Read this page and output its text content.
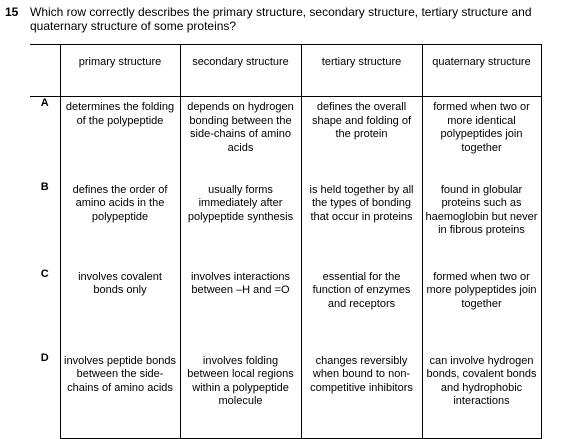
15 Which row correctly describes the primary structure, secondary structure, tertiary structure and quaternary structure of some proteins?
	primary structure	secondary structure	tertiary structure	quaternary structure
A	determines the folding of the polypeptide	depends on hydrogen bonding between the side-chains of amino acids	defines the overall shape and folding of the protein	formed when two or more identical polypeptides join together
B	defines the order of amino acids in the polypeptide	usually forms immediately after polypeptide synthesis	is held together by all the types of bonding that occur in proteins	found in globular proteins such as haemoglobin but never in fibrous proteins
C	involves covalent bonds only	involves interactions between –H and =O	essential for the function of enzymes and receptors	formed when two or more polypeptides join together
D	involves peptide bonds between the side-chains of amino acids	involves folding between local regions within a polypeptide molecule	changes reversibly when bound to non-competitive inhibitors	can involve hydrogen bonds, covalent bonds and hydrophobic interactions
